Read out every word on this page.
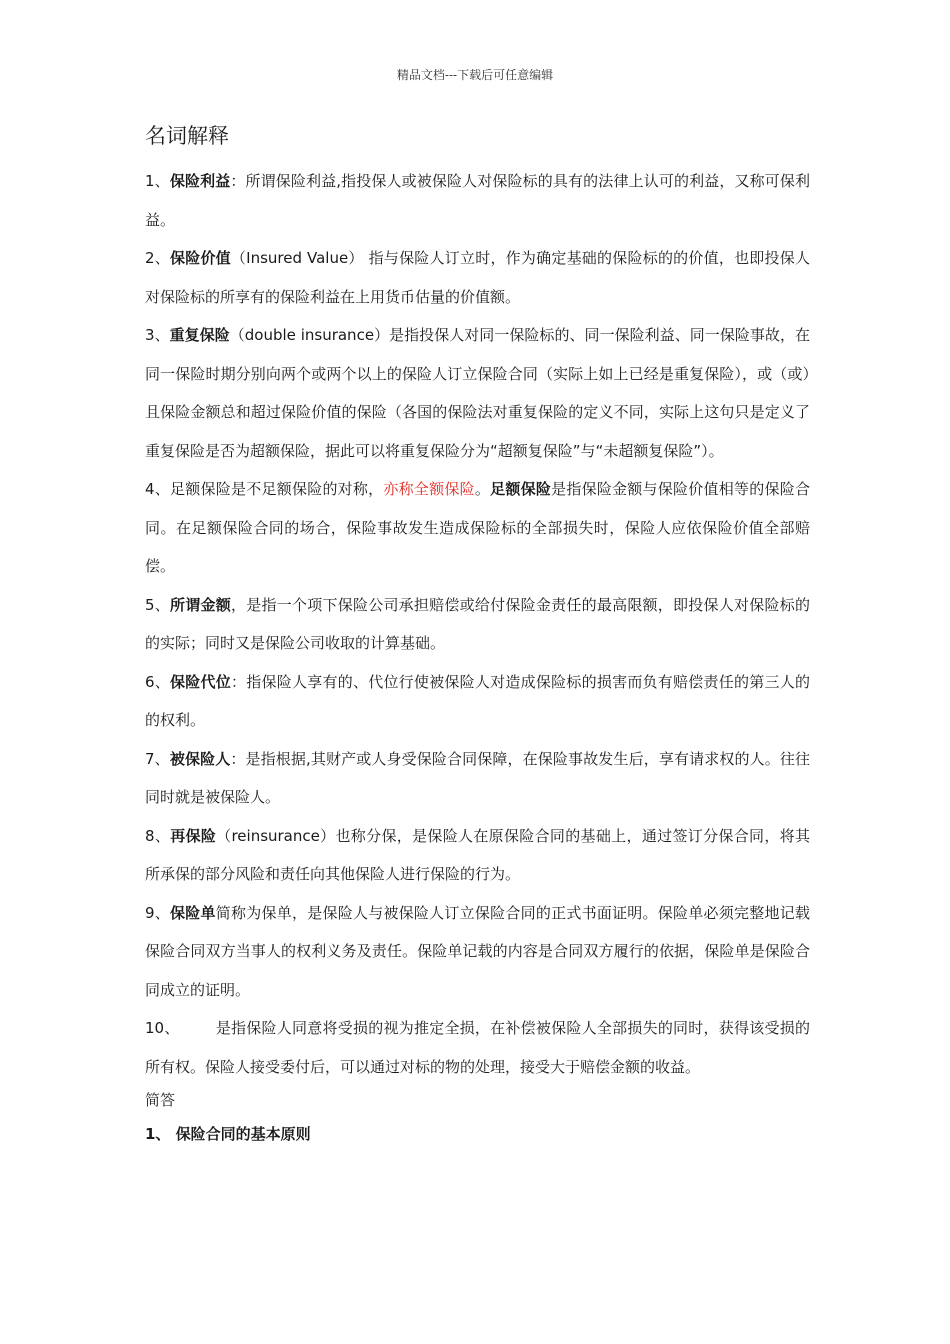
精品文档---下载后可任意编辑
名词解释

1、保险利益：所谓保险利益,指投保人或被保险人对保险标的具有的法律上认可的利益，又称可保利益。

2、保险价值（Insured Value） 指与保险人订立时，作为确定基础的保险标的的价值，也即投保人对保险标的所享有的保险利益在上用货币估量的价值额。

3、重复保险（double insurance）是指投保人对同一保险标的、同一保险利益、同一保险事故，在同一保险时期分别向两个或两个以上的保险人订立保险合同（实际上如上已经是重复保险），或（或）且保险金额总和超过保险价值的保险（各国的保险法对重复保险的定义不同，实际上这句只是定义了重复保险是否为超额保险，据此可以将重复保险分为“超额复保险”与“未超额复保险”）。

4、足额保险是不足额保险的对称，亦称全额保险。足额保险是指保险金额与保险价值相等的保险合同。在足额保险合同的场合，保险事故发生造成保险标的全部损失时，保险人应依保险价值全部赔偿。

5、所谓金额，是指一个项下保险公司承担赔偿或给付保险金责任的最高限额，即投保人对保险标的的实际；同时又是保险公司收取的计算基础。

6、保险代位：指保险人享有的、代位行使被保险人对造成保险标的损害而负有赔偿责任的第三人的的权利。

7、被保险人：是指根据,其财产或人身受保险合同保障，在保险事故发生后，享有请求权的人。往往同时就是被保险人。

8、再保险（reinsurance）也称分保，是保险人在原保险合同的基础上，通过签订分保合同，将其所承保的部分风险和责任向其他保险人进行保险的行为。

9、保险单简称为保单，是保险人与被保险人订立保险合同的正式书面证明。保险单必须完整地记载保险合同双方当事人的权利义务及责任。保险单记载的内容是合同双方履行的依据，保险单是保险合同成立的证明。

10、 是指保险人同意将受损的视为推定全损，在补偿被保险人全部损失的同时，获得该受损的所有权。保险人接受委付后，可以通过对标的物的处理，接受大于赔偿金额的收益。

简答

1、 保险合同的基本原则
